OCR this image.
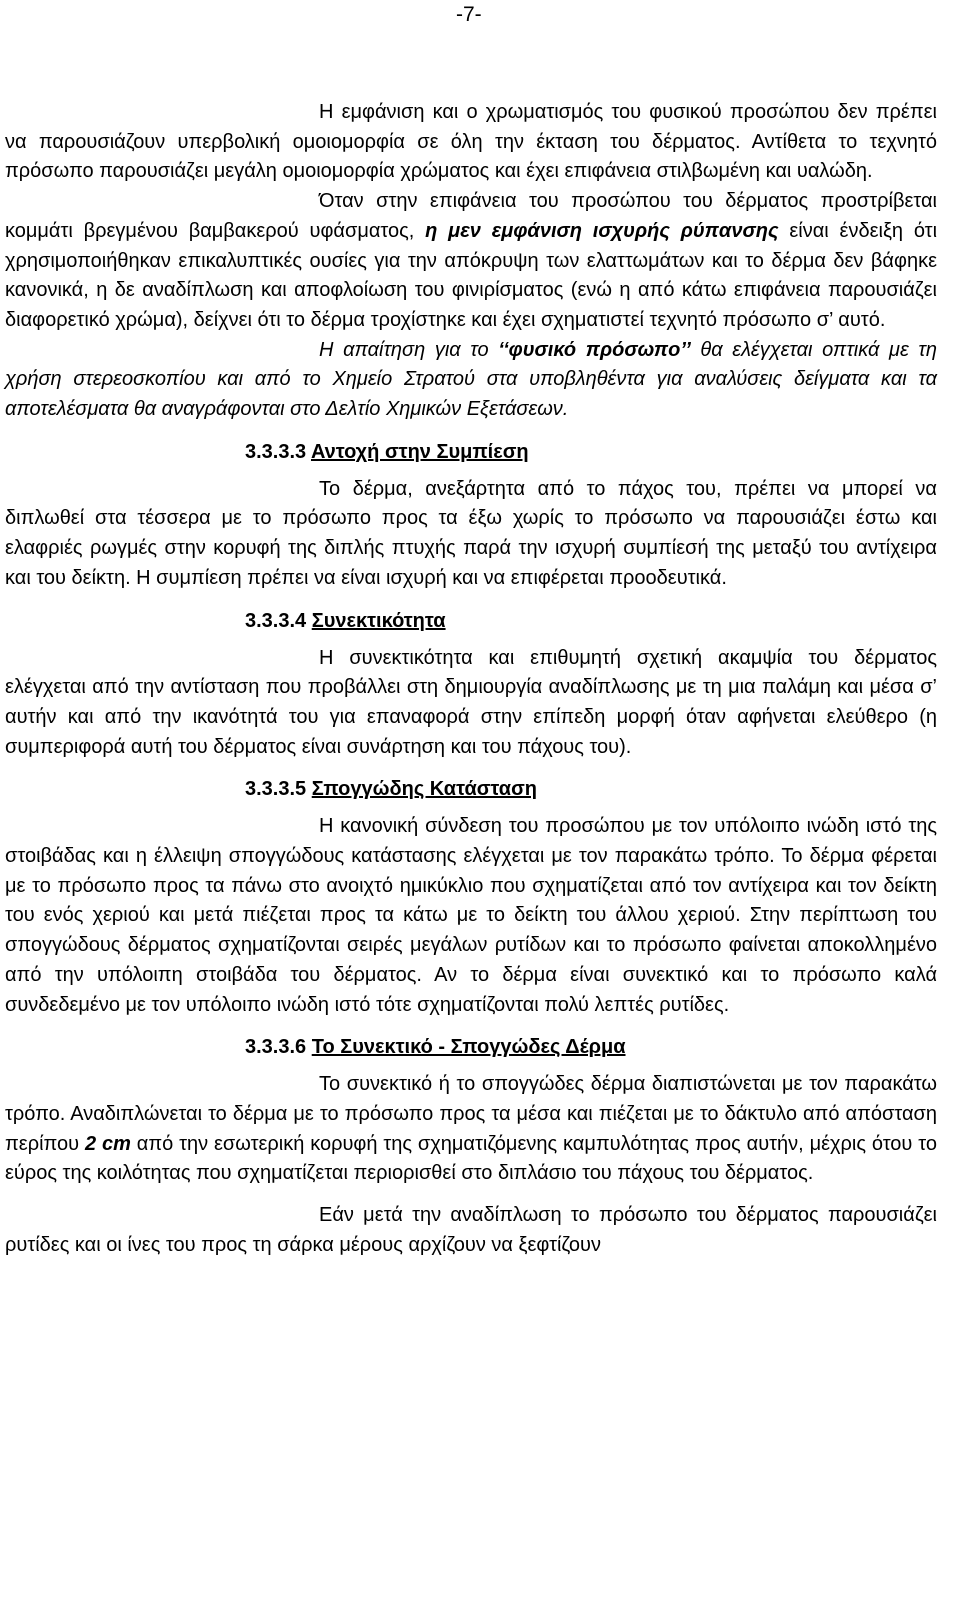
-7-

Η εμφάνιση και ο χρωματισμός του φυσικού προσώπου δεν πρέπει να παρουσιάζουν υπερβολική ομοιομορφία σε όλη την έκταση του δέρματος. Αντίθετα το τεχνητό πρόσωπο παρουσιάζει μεγάλη ομοιομορφία χρώματος και έχει επιφάνεια στιλβωμένη και υαλώδη.

Όταν στην επιφάνεια του προσώπου του δέρματος προστρίβεται κομμάτι βρεγμένου βαμβακερού υφάσματος, η μεν εμφάνιση ισχυρής ρύπανσης είναι ένδειξη ότι χρησιμοποιήθηκαν επικαλυπτικές ουσίες για την απόκρυψη των ελαττωμάτων και το δέρμα δεν βάφηκε κανονικά, η δε αναδίπλωση και αποφλοίωση του φινιρίσματος (ενώ η από κάτω επιφάνεια παρουσιάζει διαφορετικό χρώμα), δείχνει ότι το δέρμα τροχίστηκε και έχει σχηματιστεί τεχνητό πρόσωπο σ’ αυτό.

Η απαίτηση για το ‘‘φυσικό πρόσωπο’’ θα ελέγχεται οπτικά με τη χρήση στερεοσκοπίου και από το Χημείο Στρατού στα υποβληθέντα για αναλύσεις δείγματα και τα αποτελέσματα θα αναγράφονται στο Δελτίο Χημικών Εξετάσεων.

3.3.3.3 Αντοχή στην Συμπίεση

Το δέρμα, ανεξάρτητα από το πάχος του, πρέπει να μπορεί να διπλωθεί στα τέσσερα με το πρόσωπο προς τα έξω χωρίς το πρόσωπο να παρουσιάζει έστω και ελαφριές ρωγμές στην κορυφή της διπλής πτυχής παρά την ισχυρή συμπίεσή της μεταξύ του αντίχειρα και του δείκτη. Η συμπίεση πρέπει να είναι ισχυρή και να επιφέρεται προοδευτικά.

3.3.3.4 Συνεκτικότητα

Η συνεκτικότητα και επιθυμητή σχετική ακαμψία του δέρματος ελέγχεται από την αντίσταση που προβάλλει στη δημιουργία αναδίπλωσης με τη μια παλάμη και μέσα σ’ αυτήν και από την ικανότητά του για επαναφορά στην επίπεδη μορφή όταν αφήνεται ελεύθερο (η συμπεριφορά αυτή του δέρματος είναι συνάρτηση και του πάχους του).

3.3.3.5 Σπογγώδης Κατάσταση

Η κανονική σύνδεση του προσώπου με τον υπόλοιπο ινώδη ιστό της στοιβάδας και η έλλειψη σπογγώδους κατάστασης ελέγχεται με τον παρακάτω τρόπο. Το δέρμα φέρεται με το πρόσωπο προς τα πάνω στο ανοιχτό ημικύκλιο που σχηματίζεται από τον αντίχειρα και τον δείκτη του ενός χεριού και μετά πιέζεται προς τα κάτω με το δείκτη του άλλου χεριού. Στην περίπτωση του σπογγώδους δέρματος σχηματίζονται σειρές μεγάλων ρυτίδων και το πρόσωπο φαίνεται αποκολλημένο από την υπόλοιπη στοιβάδα του δέρματος. Αν το δέρμα είναι συνεκτικό και το πρόσωπο καλά συνδεδεμένο με τον υπόλοιπο ινώδη ιστό τότε σχηματίζονται πολύ λεπτές ρυτίδες.

3.3.3.6 Το Συνεκτικό - Σπογγώδες Δέρμα

Το συνεκτικό ή το σπογγώδες δέρμα διαπιστώνεται με τον παρακάτω τρόπο. Αναδιπλώνεται το δέρμα με το πρόσωπο προς τα μέσα και πιέζεται με το δάκτυλο από απόσταση περίπου 2 cm από την εσωτερική κορυφή της σχηματιζόμενης καμπυλότητας προς αυτήν, μέχρις ότου το εύρος της κοιλότητας που σχηματίζεται περιορισθεί στο διπλάσιο του πάχους του δέρματος.

Εάν μετά την αναδίπλωση το πρόσωπο του δέρματος παρουσιάζει ρυτίδες και οι ίνες του προς τη σάρκα μέρους αρχίζουν να ξεφτίζουν
